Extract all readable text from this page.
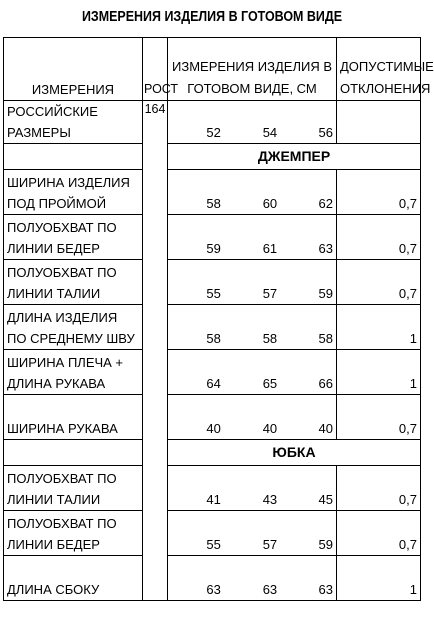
ИЗМЕРЕНИЯ ИЗДЕЛИЯ В ГОТОВОМ ВИДЕ
ИЗМЕРЕНИЯ	РОСТ	ИЗМЕРЕНИЯ ИЗДЕЛИЯ В ГОТОВОМ ВИДЕ, СМ			ДОПУСТИМЫЕ ОТКЛОНЕНИЯ
РОССИЙСКИЕ РАЗМЕРЫ	164	52	54	56	
		ДЖЕМПЕР			
ШИРИНА ИЗДЕЛИЯ ПОД ПРОЙМОЙ		58	60	62	0,7
ПОЛУОБХВАТ ПО ЛИНИИ БЕДЕР		59	61	63	0,7
ПОЛУОБХВАТ ПО ЛИНИИ ТАЛИИ		55	57	59	0,7
ДЛИНА ИЗДЕЛИЯ ПО СРЕДНЕМУ ШВУ		58	58	58	1
ШИРИНА ПЛЕЧА + ДЛИНА РУКАВА		64	65	66	1
ШИРИНА РУКАВА		40	40	40	0,7
		ЮБКА			
ПОЛУОБХВАТ ПО ЛИНИИ ТАЛИИ		41	43	45	0,7
ПОЛУОБХВАТ ПО ЛИНИИ БЕДЕР		55	57	59	0,7
ДЛИНА СБОКУ		63	63	63	1
